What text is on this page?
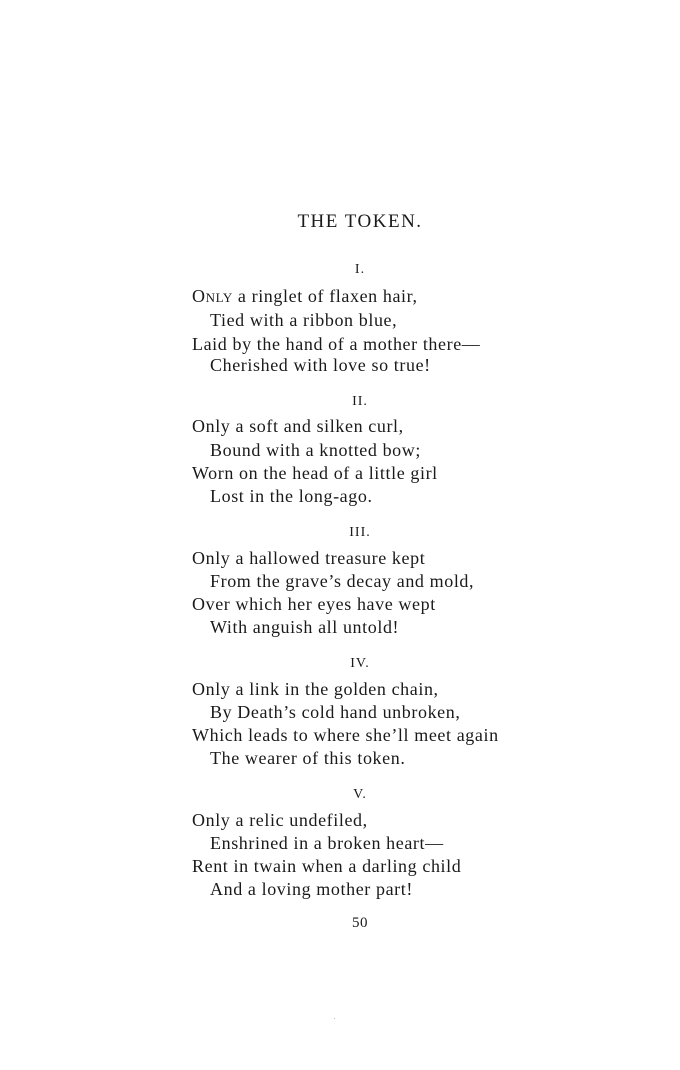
THE TOKEN.
I.
Only a ringlet of flaxen hair,
Tied with a ribbon blue,
Laid by the hand of a mother there—
Cherished with love so true!
II.
Only a soft and silken curl,
Bound with a knotted bow;
Worn on the head of a little girl
Lost in the long-ago.
III.
Only a hallowed treasure kept
From the grave’s decay and mold,
Over which her eyes have wept
With anguish all untold!
IV.
Only a link in the golden chain,
By Death’s cold hand unbroken,
Which leads to where she’ll meet again
The wearer of this token.
V.
Only a relic undefiled,
Enshrined in a broken heart—
Rent in twain when a darling child
And a loving mother part!
50
